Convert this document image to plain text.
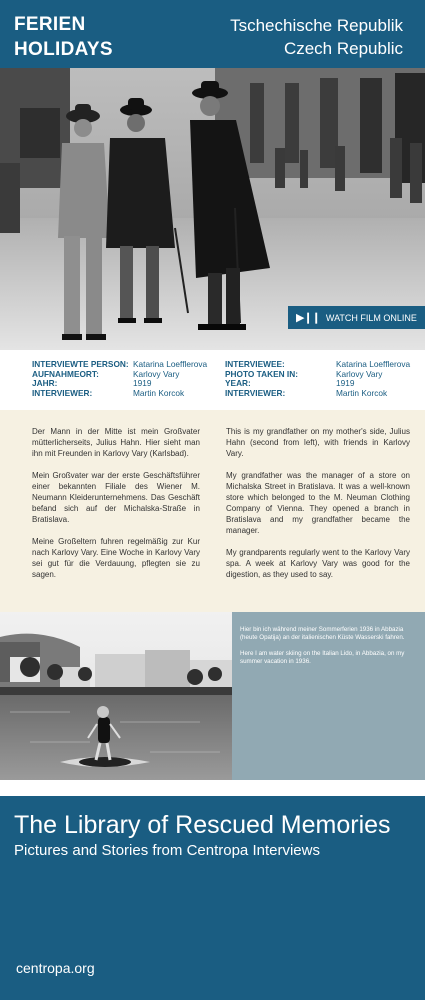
FERIEN
HOLIDAYS
Tschechische Republik
Czech Republic
▶❙❙ WATCH FILM ONLINE
INTERVIEWTE PERSON:	Katarina Loefflerova
AUFNAHMEORT:	Karlovy Vary
JAHR:	1919
INTERVIEWER:	Martin Korcok
INTERVIEWEE:	Katarina Loefflerova
PHOTO TAKEN IN:	Karlovy Vary
YEAR:	1919
INTERVIEWER:	Martin Korcok

Der Mann in der Mitte ist mein Großvater mütterlicherseits, Julius Hahn. Hier sieht man ihn mit Freunden in Karlovy Vary (Karlsbad).

Mein Großvater war der erste Geschäftsführer einer bekannten Filiale des Wiener M. Neumann Kleiderunternehmens. Das Geschäft befand sich auf der Michalska-Straße in Bratislava.

Meine Großeltern fuhren regelmäßig zur Kur nach Karlovy Vary. Eine Woche in Karlovy Vary sei gut für die Verdauung, pflegten sie zu sagen.

This is my grandfather on my mother's side, Julius Hahn (second from left), with friends in Karlovy Vary.

My grandfather was the manager of a store on Michalska Street in Bratislava. It was a well-known store which belonged to the M. Neuman Clothing Company of Vienna. They opened a branch in Bratislava and my grandfather became the manager.

My grandparents regularly went to the Karlovy Vary spa. A week at Karlovy Vary was good for the digestion, as they used to say.

Hier bin ich während meiner Sommerferien 1936 in Abbazia (heute Opatija) an der italienischen Küste Wasserski fahren.

Here I am water skiing on the Italian Lido, in Abbazia, on my summer vacation in 1936.

The Library of Rescued Memories
Pictures and Stories from Centropa Interviews
centropa.org
